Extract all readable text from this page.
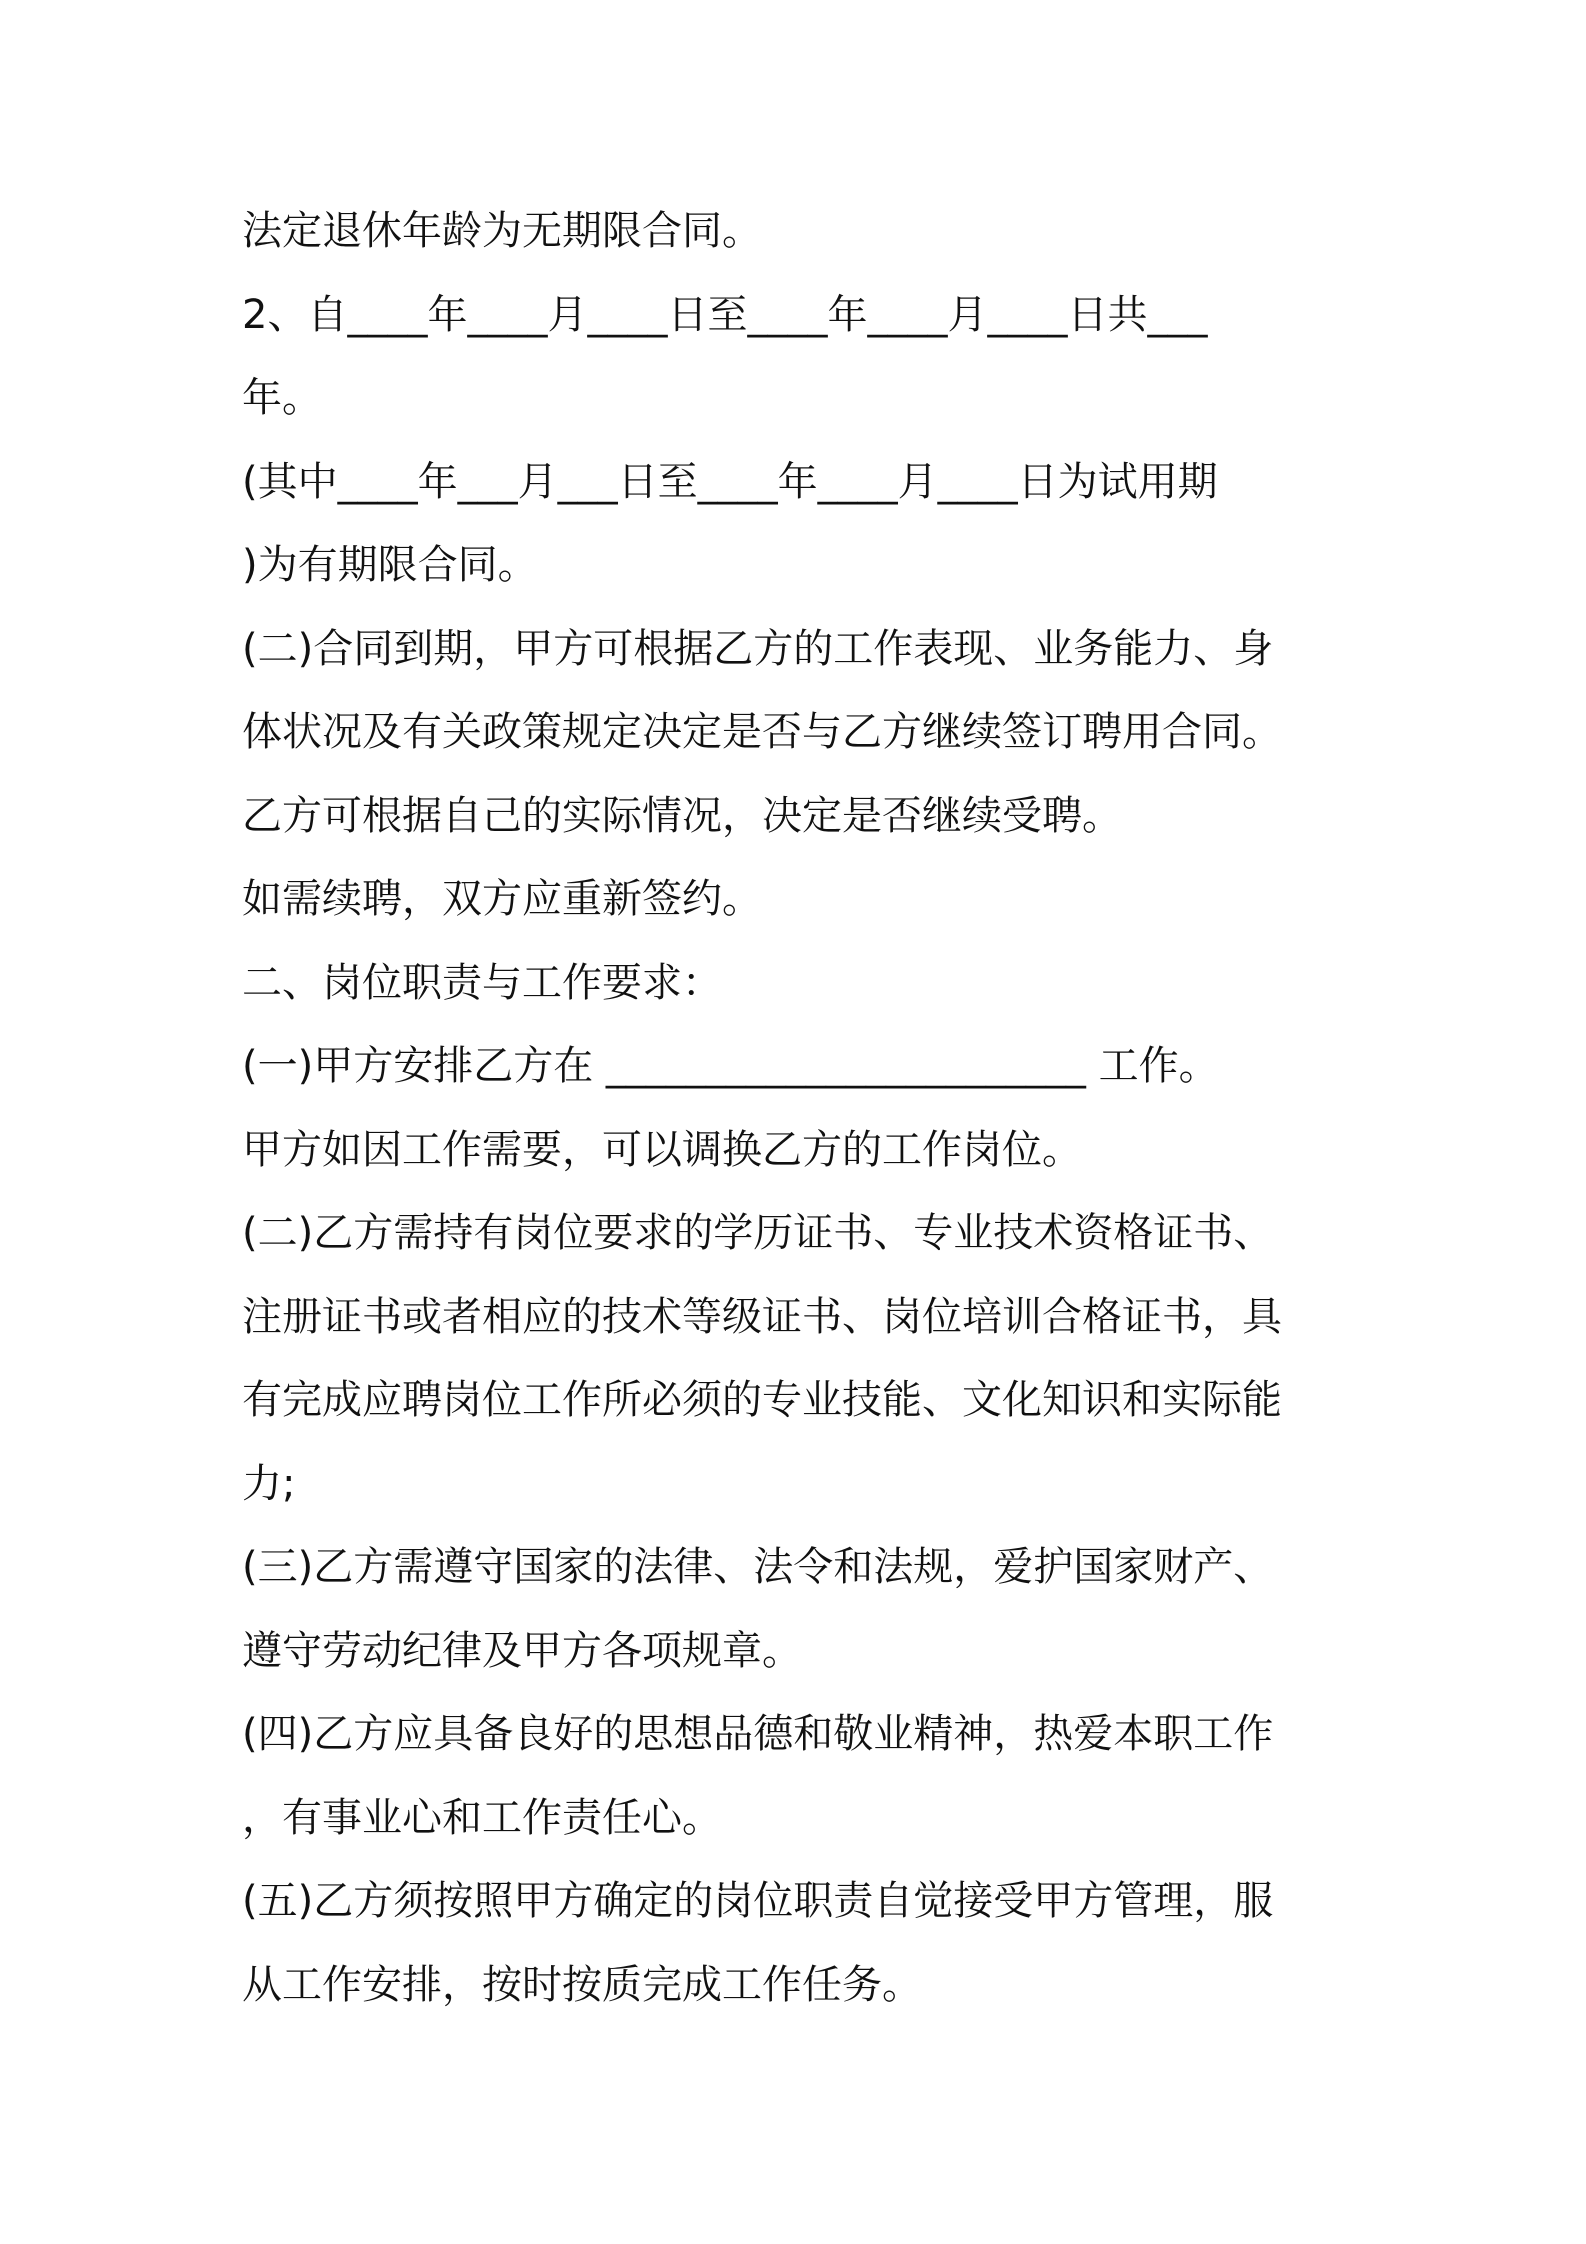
法定退休年龄为无期限合同。
2、自____年____月____日至____年____月____日共___
年。
(其中____年___月___日至____年____月____日为试用期
)为有期限合同。
(二)合同到期，甲方可根据乙方的工作表现、业务能力、身
体状况及有关政策规定决定是否与乙方继续签订聘用合同。
乙方可根据自己的实际情况，决定是否继续受聘。
如需续聘，双方应重新签约。
二、岗位职责与工作要求：
(一)甲方安排乙方在 ________________________ 工作。
甲方如因工作需要，可以调换乙方的工作岗位。
(二)乙方需持有岗位要求的学历证书、专业技术资格证书、
注册证书或者相应的技术等级证书、岗位培训合格证书，具
有完成应聘岗位工作所必须的专业技能、文化知识和实际能
力;
(三)乙方需遵守国家的法律、法令和法规，爱护国家财产、
遵守劳动纪律及甲方各项规章。
(四)乙方应具备良好的思想品德和敬业精神，热爱本职工作
，有事业心和工作责任心。
(五)乙方须按照甲方确定的岗位职责自觉接受甲方管理，服
从工作安排，按时按质完成工作任务。
